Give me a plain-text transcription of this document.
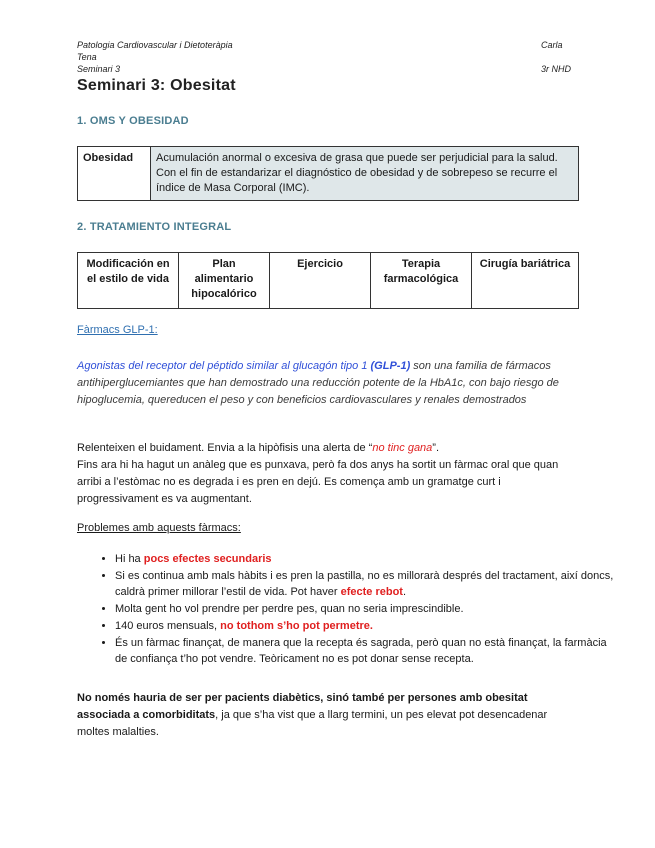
Patologia Cardiovascular i Dietoteràpia
Tena
Seminari 3
Carla
3r NHD
Seminari 3: Obesitat
1. OMS Y OBESIDAD
Obesidad	Acumulación anormal o excesiva de grasa que puede ser perjudicial para la salud. Con el fin de estandarizar el diagnóstico de obesidad y de sobrepeso se recurre el índice de Masa Corporal (IMC).
2. TRATAMIENTO INTEGRAL
Modificación en el estilo de vida	Plan alimentario hipocalórico	Ejercicio	Terapia farmacológica	Cirugía bariátrica
Fàrmacs GLP-1:
Agonistas del receptor del péptido similar al glucagón tipo 1 (GLP-1) son una familia de fármacos antihiperglucemiantes que han demostrado una reducción potente de la HbA1c, con bajo riesgo de hipoglucemia, quereducen el peso y con beneficios cardiovasculares y renales demostrados
Relenteixen el buidament. Envia a la hipòfisis una alerta de “no tinc gana”.
Fins ara hi ha hagut un anàleg que es punxava, però fa dos anys ha sortit un fàrmac oral que quan arribi a l’estòmac no es degrada i es pren en dejú. Es comença amb un gramatge curt i progressivament es va augmentant.
Problemes amb aquests fàrmacs:
• Hi ha pocs efectes secundaris
• Si es continua amb mals hàbits i es pren la pastilla, no es millorarà després del tractament, així doncs, caldrà primer millorar l’estil de vida. Pot haver efecte rebot.
• Molta gent ho vol prendre per perdre pes, quan no seria imprescindible.
• 140 euros mensuals, no tothom s’ho pot permetre.
• És un fàrmac finançat, de manera que la recepta és sagrada, però quan no està finançat, la farmàcia de confiança t’ho pot vendre. Teòricament no es pot donar sense recepta.
No només hauria de ser per pacients diabètics, sinó també per persones amb obesitat associada a comorbiditats, ja que s’ha vist que a llarg termini, un pes elevat pot desencadenar moltes malalties.
